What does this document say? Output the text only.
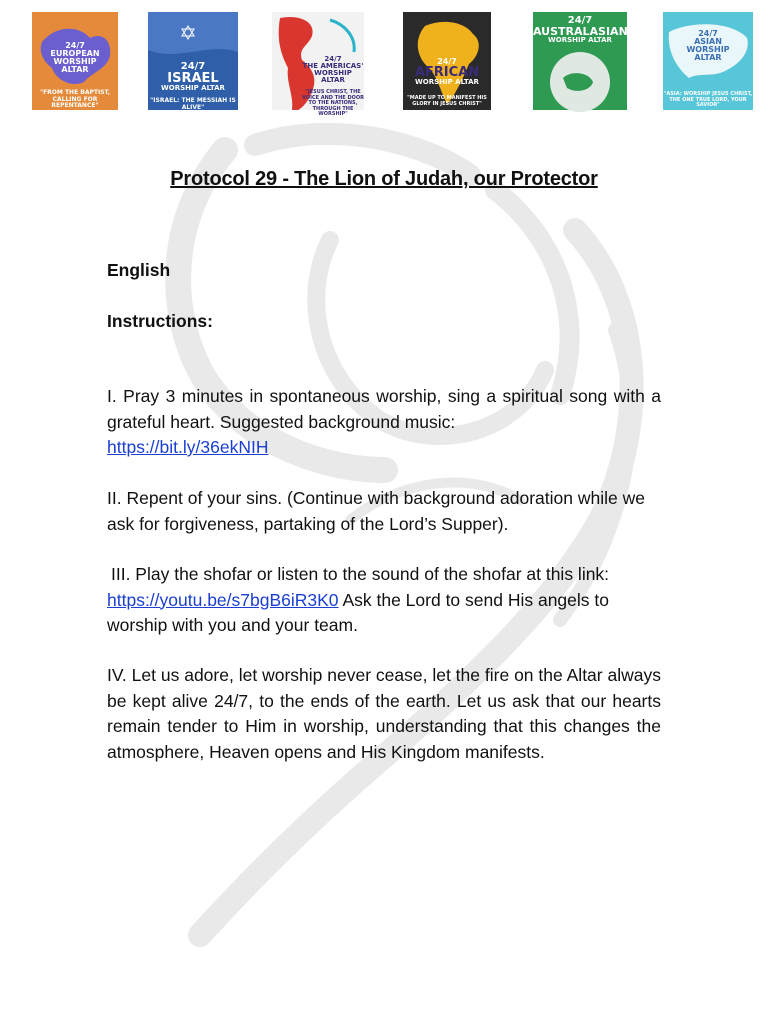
24/7
EUROPEAN
WORSHIP
ALTAR
"FROM THE BAPTIST, CALLING FOR REPENTANCE"
24/7
ISRAEL
WORSHIP ALTAR
"ISRAEL: THE MESSIAH IS ALIVE"
24/7
THE AMERICAS'
WORSHIP
ALTAR
"JESUS CHRIST, THE VOICE AND THE DOOR TO THE NATIONS, THROUGH THE WORSHIP"
24/7
AFRICAN
WORSHIP ALTAR
"MADE UP TO MANIFEST HIS GLORY IN JESUS CHRIST"
24/7
AUSTRALASIAN
WORSHIP ALTAR
24/7
ASIAN
WORSHIP
ALTAR
"ASIA: WORSHIP JESUS CHRIST, THE ONE TRUE LORD, YOUR SAVIOR"
Protocol 29 - The Lion of Judah, our Protector
English
Instructions:
I. Pray 3 minutes in spontaneous worship, sing a spiritual song with a grateful heart. Suggested background music:
https://bit.ly/36ekNIH
II. Repent of your sins. (Continue with background adoration while we ask for forgiveness, partaking of the Lord’s Supper).
III. Play the shofar or listen to the sound of the shofar at this link: https://youtu.be/s7bgB6iR3K0 Ask the Lord to send His angels to worship with you and your team.
IV. Let us adore, let worship never cease, let the fire on the Altar always be kept alive 24/7, to the ends of the earth. Let us ask that our hearts remain tender to Him in worship, understanding that this changes the atmosphere, Heaven opens and His Kingdom manifests.
